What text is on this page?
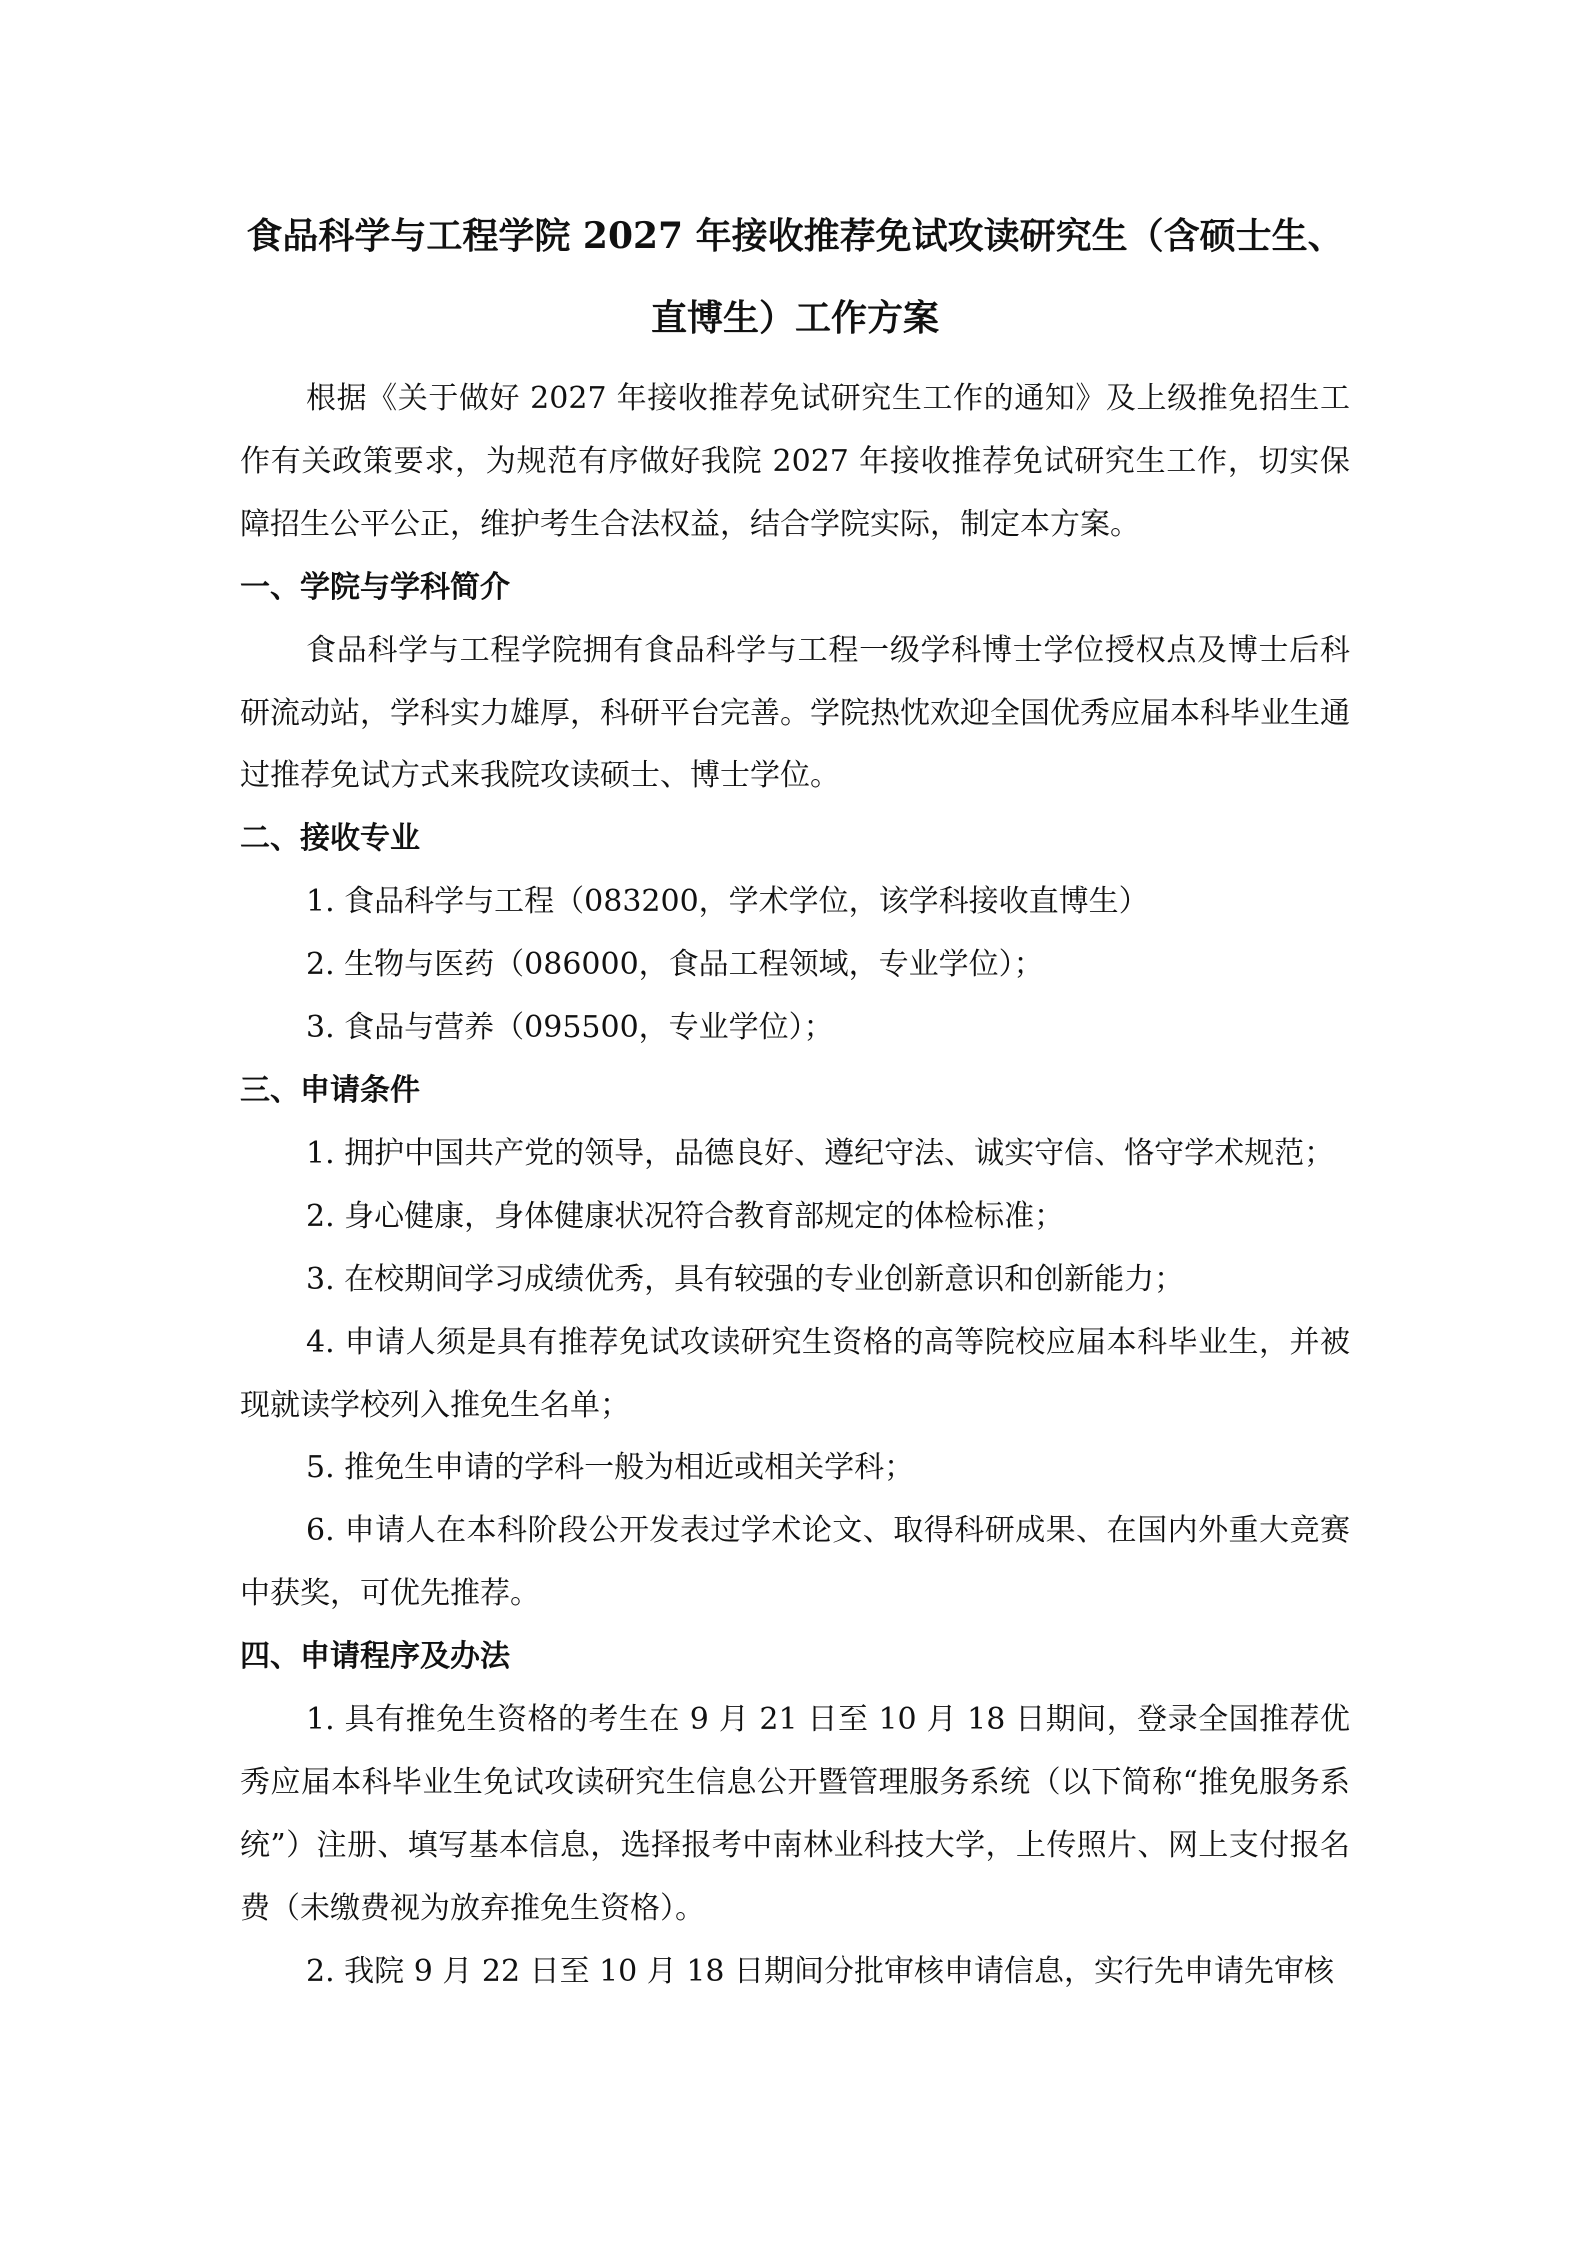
食品科学与工程学院 2027 年接收推荐免试攻读研究生（含硕士生、
直博生）工作方案

根据《关于做好 2027 年接收推荐免试研究生工作的通知》及上级推免招生工作有关政策要求，为规范有序做好我院 2027 年接收推荐免试研究生工作，切实保障招生公平公正，维护考生合法权益，结合学院实际，制定本方案。

一、学院与学科简介

食品科学与工程学院拥有食品科学与工程一级学科博士学位授权点及博士后科研流动站，学科实力雄厚，科研平台完善。学院热忱欢迎全国优秀应届本科毕业生通过推荐免试方式来我院攻读硕士、博士学位。

二、接收专业

1. 食品科学与工程（083200，学术学位，该学科接收直博生）

2. 生物与医药（086000，食品工程领域，专业学位）；

3. 食品与营养（095500，专业学位）；

三、申请条件

1. 拥护中国共产党的领导，品德良好、遵纪守法、诚实守信、恪守学术规范；

2. 身心健康，身体健康状况符合教育部规定的体检标准；

3. 在校期间学习成绩优秀，具有较强的专业创新意识和创新能力；

4. 申请人须是具有推荐免试攻读研究生资格的高等院校应届本科毕业生，并被现就读学校列入推免生名单；

5. 推免生申请的学科一般为相近或相关学科；

6. 申请人在本科阶段公开发表过学术论文、取得科研成果、在国内外重大竞赛中获奖，可优先推荐。

四、申请程序及办法

1. 具有推免生资格的考生在 9 月 21 日至 10 月 18 日期间，登录全国推荐优秀应届本科毕业生免试攻读研究生信息公开暨管理服务系统（以下简称“推免服务系统”）注册、填写基本信息，选择报考中南林业科技大学，上传照片、网上支付报名费（未缴费视为放弃推免生资格）。

2. 我院 9 月 22 日至 10 月 18 日期间分批审核申请信息，实行先申请先审核
